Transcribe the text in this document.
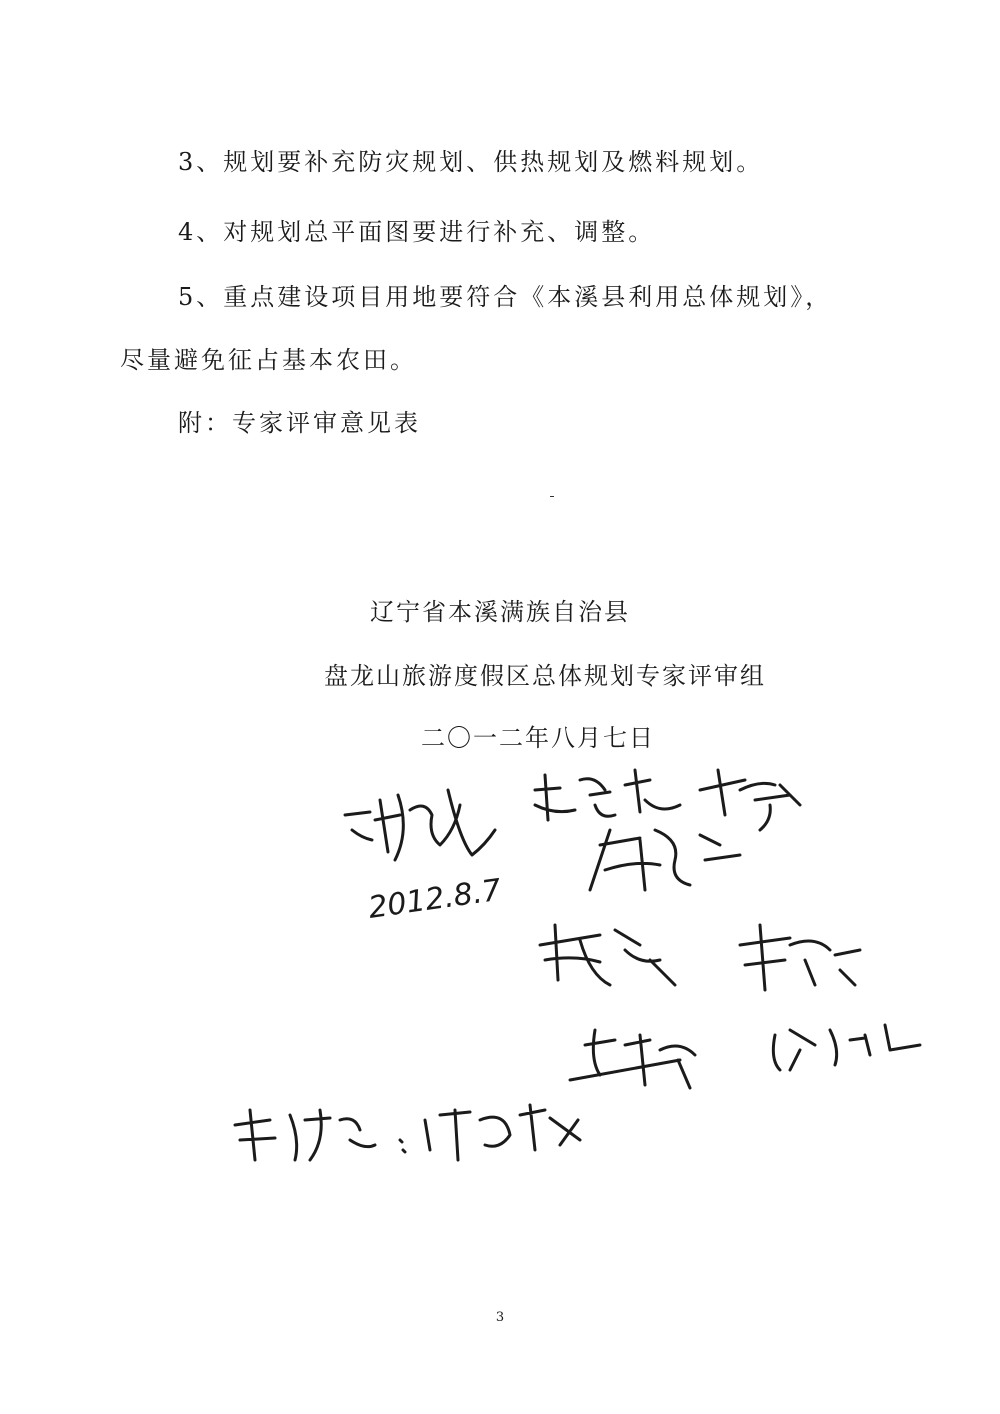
3、规划要补充防灾规划、供热规划及燃料规划。
4、对规划总平面图要进行补充、调整。
5、重点建设项目用地要符合《本溪县利用总体规划》，
尽量避免征占基本农田。
附：专家评审意见表
辽宁省本溪满族自治县
盘龙山旅游度假区总体规划专家评审组
二〇一二年八月七日
2012.8.7
3
